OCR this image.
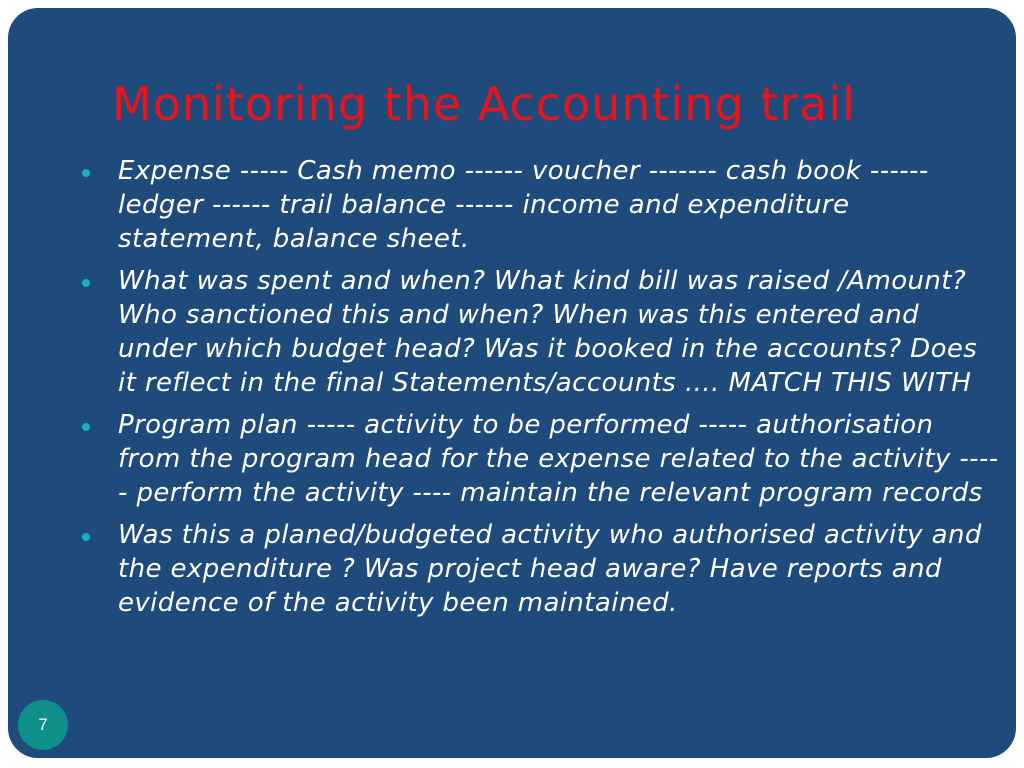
Monitoring the Accounting trail
Expense ----- Cash memo ------ voucher ------- cash book ------ ledger ------ trail balance ------ income and expenditure statement, balance sheet.
What was spent and when? What kind bill was raised /Amount? Who sanctioned this and when? When was this entered and under which budget head? Was it booked in the accounts? Does it reflect in the final Statements/accounts …. MATCH THIS WITH
Program plan ----- activity to be performed ----- authorisation from the program head for the expense related to the activity ----- perform the activity ---- maintain the relevant program records
Was this a planed/budgeted activity who authorised activity and the expenditure ? Was project head aware? Have reports and evidence of the activity been maintained.
7
